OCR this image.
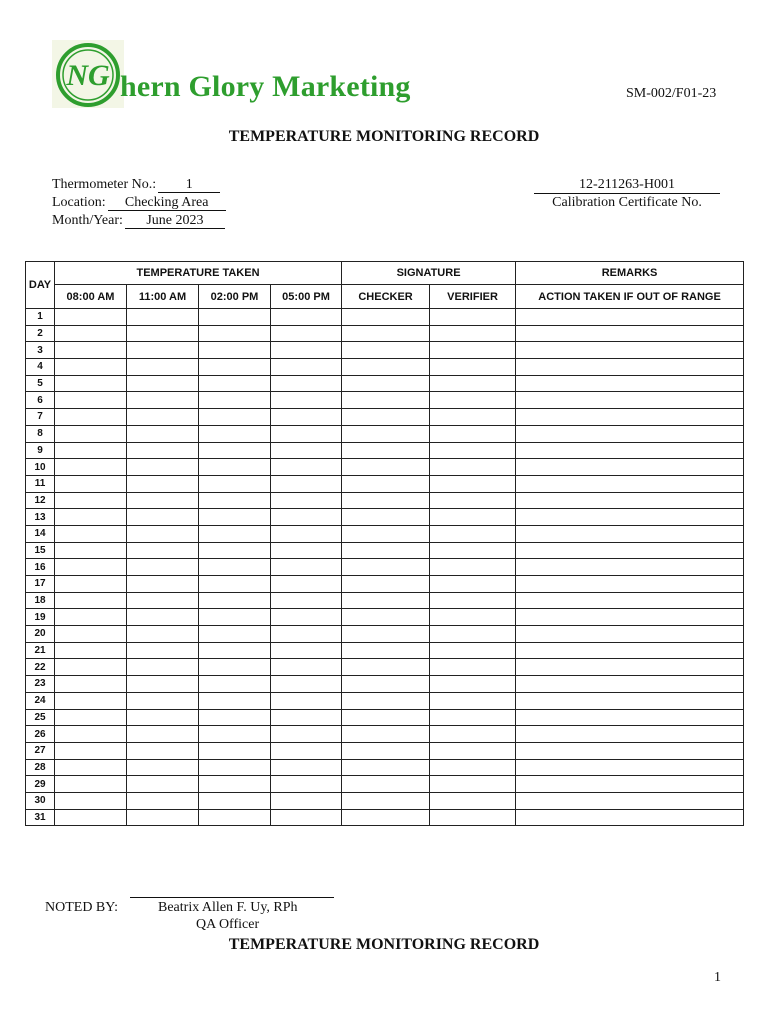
NG hern Glory Marketing	SM-002/F01-23
TEMPERATURE MONITORING RECORD
Thermometer No.: 1
Location: Checking Area
Month/Year: June 2023
12-211263-H001
Calibration Certificate No.
DAY	TEMPERATURE TAKEN				SIGNATURE		REMARKS
	08:00 AM	11:00 AM	02:00 PM	05:00 PM	CHECKER	VERIFIER	ACTION TAKEN IF OUT OF RANGE
1							
2							
3							
4							
5							
6							
7							
8							
9							
10							
11							
12							
13							
14							
15							
16							
17							
18							
19							
20							
21							
22							
23							
24							
25							
26							
27							
28							
29							
30							
31							
NOTED BY:	Beatrix Allen F. Uy, RPh
QA Officer
TEMPERATURE MONITORING RECORD
1
